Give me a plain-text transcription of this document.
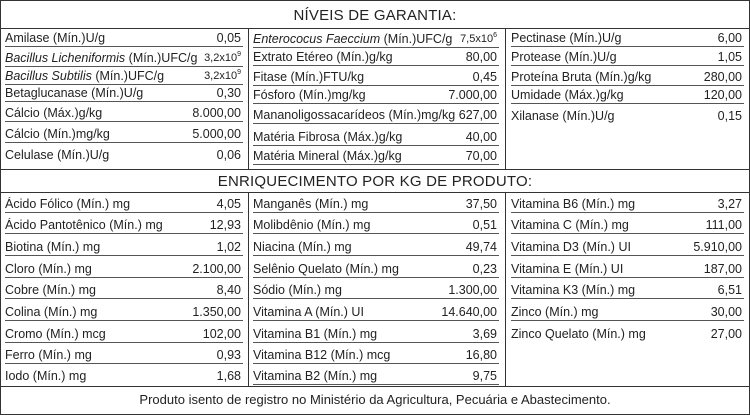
NÍVEIS DE GARANTIA:
ENRIQUECIMENTO POR KG DE PRODUTO:
Amilase (Mín.)U/g	0,05
Bacillus Licheniformis (Mín.)UFC/g $3,2x10^9$
Bacillus Subtilis (Mín.)UFC/g	$3,2x10^9$
Betaglucanase (Mín.)U/g	0,30
Cálcio (Máx.)g/kg	8.000,00
Cálcio (Mín.)mg/kg	5.000,00
Celulase (Mín.)U/g	0,06
Enterococus Faeccium (Mín.)UFC/g $7,5x10^6$
Extrato Etéreo (Mín.)g/kg	80,00
Fitase (Mín.)FTU/kg	0,45
Fósforo (Mín.)mg/kg	7.000,00
Mananoligossacarídeos (Mín.)mg/kg 627,00
Matéria Fibrosa (Máx.)g/kg	40,00
Matéria Mineral (Máx.)g/kg	70,00
Pectinase (Mín.)U/g	6,00
Protease (Mín.)U/g	1,05
Proteína Bruta (Mín.)g/kg	280,00
Umidade (Máx.)g/kg	120,00
Xilanase (Mín.)U/g	0,15
Ácido Fólico (Mín.) mg	4,05
Ácido Pantotênico (Mín.) mg	12,93
Biotina (Mín.) mg	1,02
Cloro (Mín.) mg	2.100,00
Cobre (Mín.) mg	8,40
Colina (Mín.) mg	1.350,00
Cromo (Mín.) mcg	102,00
Ferro (Mín.) mg	0,93
Iodo (Mín.) mg	1,68
Manganês (Mín.) mg	37,50
Molibdênio (Mín.) mg	0,51
Niacina (Mín.) mg	49,74
Selênio Quelato (Mín.) mg	0,23
Sódio (Mín.) mg	1.300,00
Vitamina A (Mín.) UI	14.640,00
Vitamina B1 (Mín.) mg	3,69
Vitamina B12 (Mín.) mcg	16,80
Vitamina B2 (Mín.) mg	9,75
Vitamina B6 (Mín.) mg	3,27
Vitamina C (Mín.) mg	111,00
Vitamina D3 (Mín.) UI	5.910,00
Vitamina E (Mín.) UI	187,00
Vitamina K3 (Mín.) mg	6,51
Zinco (Mín.) mg	30,00
Zinco Quelato (Mín.) mg	27,00
Produto isento de registro no Ministério da Agricultura, Pecuária e Abastecimento.
